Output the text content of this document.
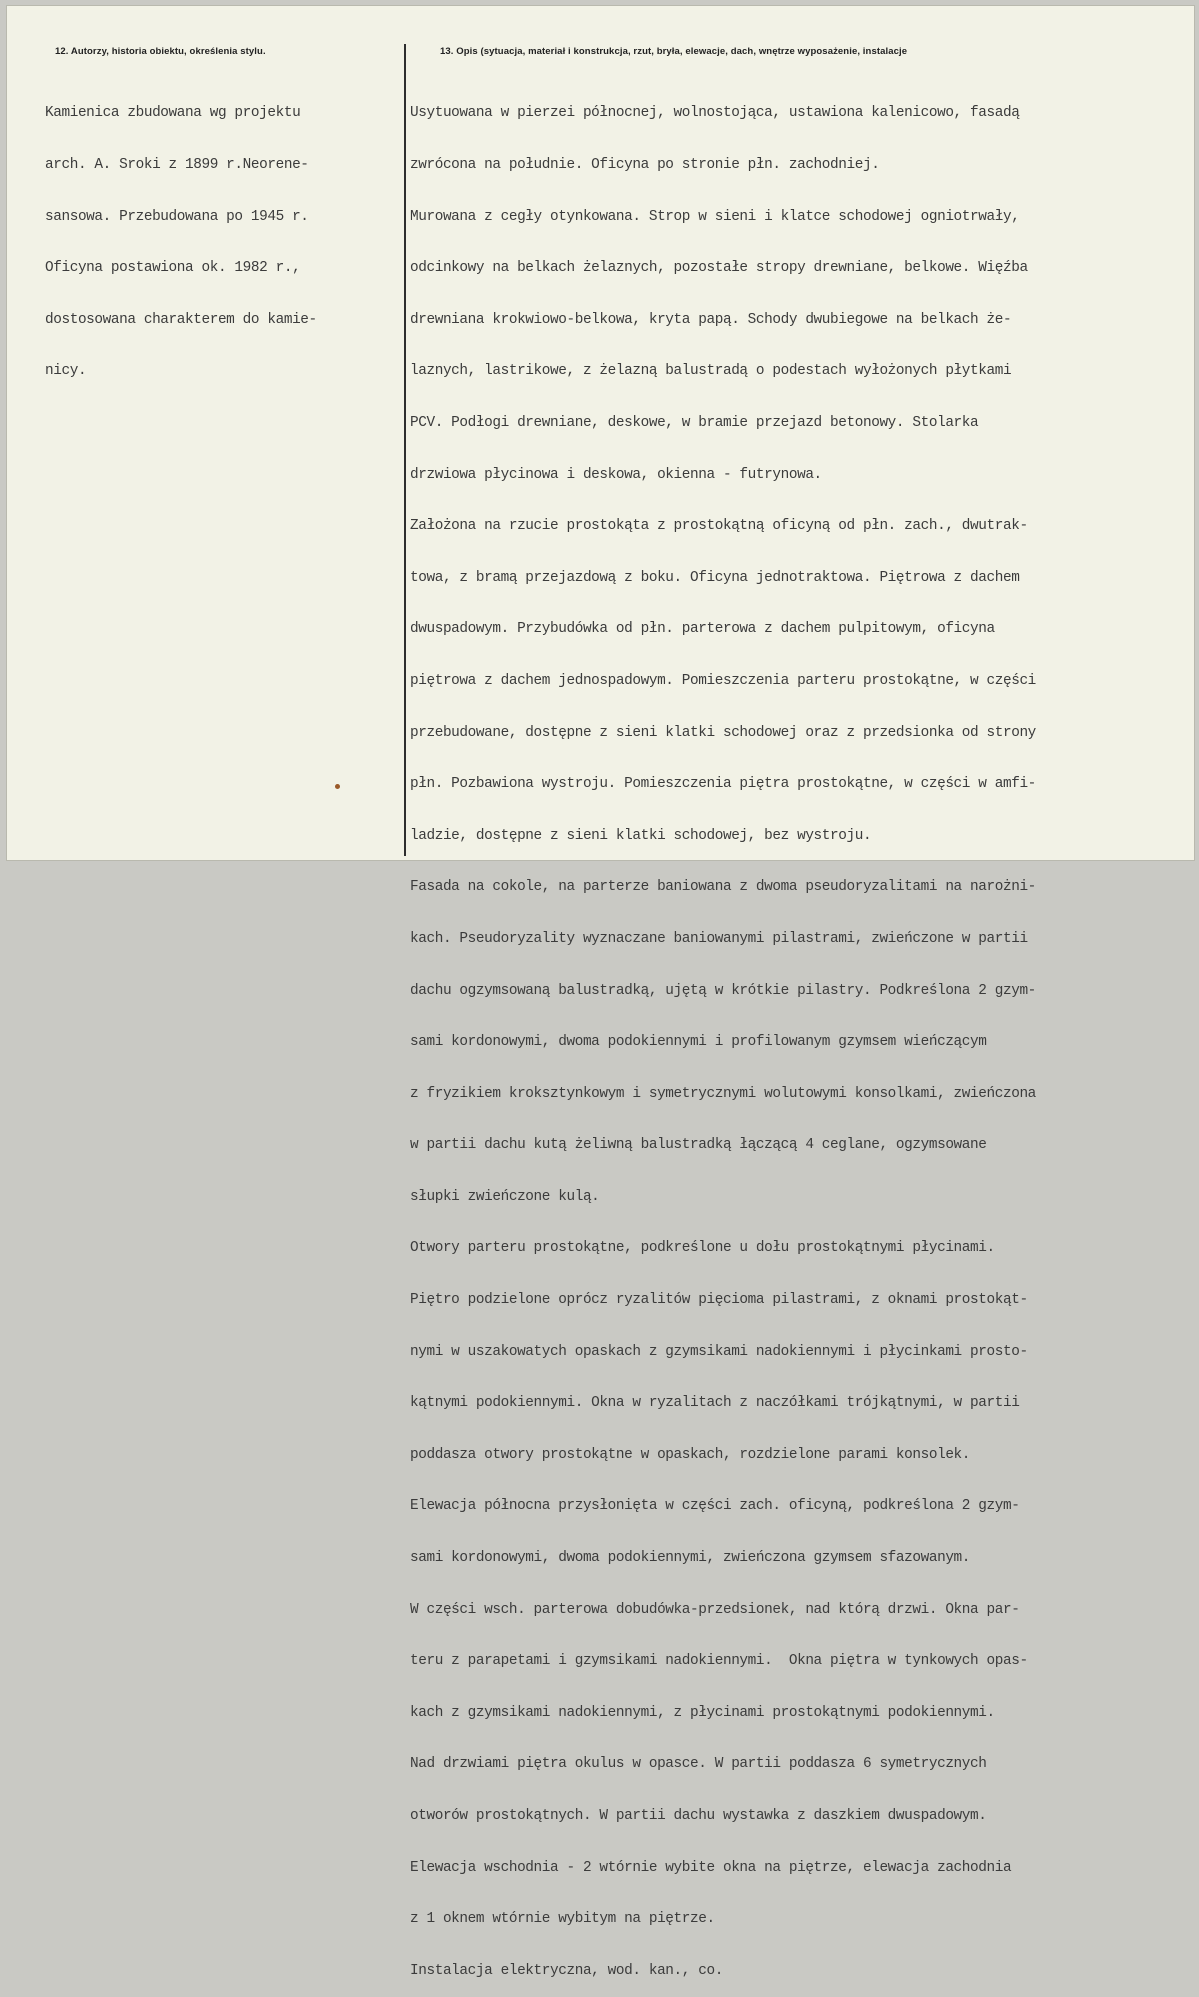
12. Autorzy, historia obiektu, określenia stylu.	13. Opis (sytuacja, materiał i konstrukcja, rzut, bryła, elewacje, dach, wnętrze wyposażenie, instalacje

Kamienica zbudowana wg projektu

arch. A. Sroki z 1899 r.Neorene-

sansowa. Przebudowana po 1945 r.

Oficyna postawiona ok. 1982 r.,

dostosowana charakterem do kamie-

nicy.

Usytuowana w pierzei północnej, wolnostojąca, ustawiona kalenicowo, fasadą

zwrócona na południe. Oficyna po stronie płn. zachodniej.

Murowana z cegły otynkowana. Strop w sieni i klatce schodowej ogniotrwały,

odcinkowy na belkach żelaznych, pozostałe stropy drewniane, belkowe. Więźba

drewniana krokwiowo-belkowa, kryta papą. Schody dwubiegowe na belkach że-

laznych, lastrikowe, z żelazną balustradą o podestach wyłożonych płytkami

PCV. Podłogi drewniane, deskowe, w bramie przejazd betonowy. Stolarka

drzwiowa płycinowa i deskowa, okienna - futrynowa.

Założona na rzucie prostokąta z prostokątną oficyną od płn. zach., dwutrak-

towa, z bramą przejazdową z boku. Oficyna jednotraktowa. Piętrowa z dachem

dwuspadowym. Przybudówka od płn. parterowa z dachem pulpitowym, oficyna

piętrowa z dachem jednospadowym. Pomieszczenia parteru prostokątne, w części

przebudowane, dostępne z sieni klatki schodowej oraz z przedsionka od strony

płn. Pozbawiona wystroju. Pomieszczenia piętra prostokątne, w części w amfi-

ladzie, dostępne z sieni klatki schodowej, bez wystroju.

Fasada na cokole, na parterze baniowana z dwoma pseudoryzalitami na narożni-

kach. Pseudoryzality wyznaczane baniowanymi pilastrami, zwieńczone w partii

dachu ogzymsowaną balustradką, ujętą w krótkie pilastry. Podkreślona 2 gzym-

sami kordonowymi, dwoma podokiennymi i profilowanym gzymsem wieńczącym

z fryzikiem kroksztynkowym i symetrycznymi wolutowymi konsolkami, zwieńczona

w partii dachu kutą żeliwną balustradką łączącą 4 ceglane, ogzymsowane

słupki zwieńczone kulą.

Otwory parteru prostokątne, podkreślone u dołu prostokątnymi płycinami.

Piętro podzielone oprócz ryzalitów pięcioma pilastrami, z oknami prostokąt-

nymi w uszakowatych opaskach z gzymsikami nadokiennymi i płycinkami prosto-

kątnymi podokiennymi. Okna w ryzalitach z naczółkami trójkątnymi, w partii

poddasza otwory prostokątne w opaskach, rozdzielone parami konsolek.

Elewacja północna przysłonięta w części zach. oficyną, podkreślona 2 gzym-

sami kordonowymi, dwoma podokiennymi, zwieńczona gzymsem sfazowanym.

W części wsch. parterowa dobudówka-przedsionek, nad którą drzwi. Okna par-

teru z parapetami i gzymsikami nadokiennymi.  Okna piętra w tynkowych opas-

kach z gzymsikami nadokiennymi, z płycinami prostokątnymi podokiennymi.

Nad drzwiami piętra okulus w opasce. W partii poddasza 6 symetrycznych

otworów prostokątnych. W partii dachu wystawka z daszkiem dwuspadowym.

Elewacja wschodnia - 2 wtórnie wybite okna na piętrze, elewacja zachodnia

z 1 oknem wtórnie wybitym na piętrze.

Instalacja elektryczna, wod. kan., co.
